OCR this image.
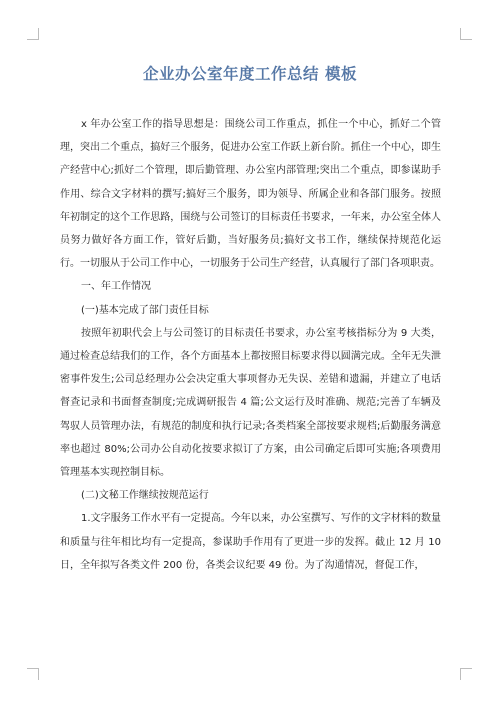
企业办公室年度工作总结 模板

x 年办公室工作的指导思想是：围绕公司工作重点，抓住一个中心，抓好二个管理，突出二个重点，搞好三个服务，促进办公室工作跃上新台阶。抓住一个中心，即生产经营中心;抓好二个管理，即后勤管理、办公室内部管理;突出二个重点，即参谋助手作用、综合文字材料的撰写;搞好三个服务，即为领导、所属企业和各部门服务。按照年初制定的这个工作思路，围绕与公司签订的目标责任书要求，一年来，办公室全体人员努力做好各方面工作，管好后勤，当好服务员;搞好文书工作，继续保持规范化运行。一切服从于公司工作中心，一切服务于公司生产经营，认真履行了部门各项职责。

一、年工作情况

(一)基本完成了部门责任目标

按照年初职代会上与公司签订的目标责任书要求，办公室考核指标分为 9 大类，通过检查总结我们的工作，各个方面基本上都按照目标要求得以圆满完成。全年无失泄密事件发生;公司总经理办公会决定重大事项督办无失误、差错和遗漏，并建立了电话督查记录和书面督查制度;完成调研报告 4 篇;公文运行及时准确、规范;完善了车辆及驾驭人员管理办法，有规范的制度和执行记录;各类档案全部按要求规档;后勤服务满意率也超过 80%;公司办公自动化按要求拟订了方案，由公司确定后即可实施;各项费用管理基本实现控制目标。

(二)文秘工作继续按规范运行

1.文字服务工作水平有一定提高。今年以来，办公室撰写、写作的文字材料的数量和质量与往年相比均有一定提高，参谋助手作用有了更进一步的发挥。截止 12 月 10 日，全年拟写各类文件 200 份，各类会议纪要 49 份。为了沟通情况，督促工作，
